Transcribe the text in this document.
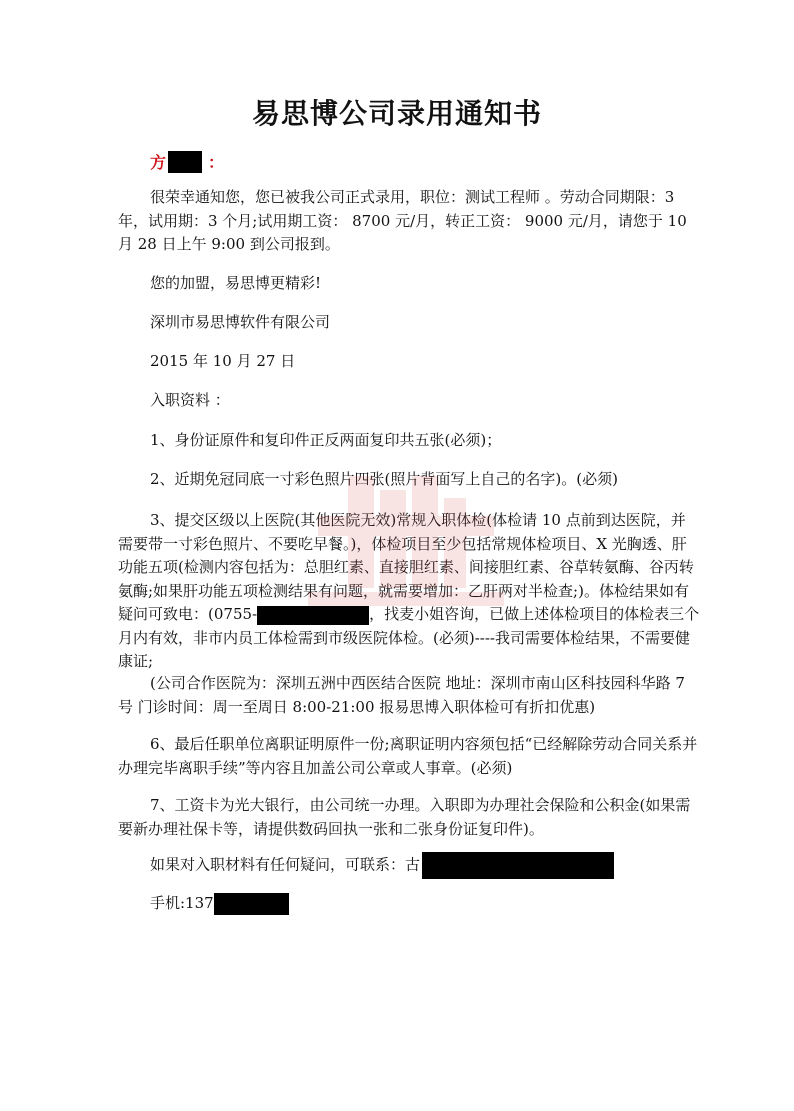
易思博公司录用通知书
方	：
很荣幸通知您，您已被我公司正式录用，职位：测试工程师 。劳动合同期限：3 年，试用期：3 个月;试用期工资： 8700 元/月，转正工资： 9000 元/月，请您于 10 月 28 日上午 9:00 到公司报到。
您的加盟，易思博更精彩!
深圳市易思博软件有限公司
2015 年 10 月 27 日
入职资料 ：
1、身份证原件和复印件正反两面复印共五张(必须)；
2、近期免冠同底一寸彩色照片四张(照片背面写上自己的名字)。(必须)
3、提交区级以上医院(其他医院无效)常规入职体检(体检请 10 点前到达医院，并需要带一寸彩色照片、不要吃早餐。)，体检项目至少包括常规体检项目、X 光胸透、肝功能五项(检测内容包括为：总胆红素、直接胆红素、间接胆红素、谷草转氨酶、谷丙转氨酶;如果肝功能五项检测结果有问题，就需要增加：乙肝两对半检查;)。体检结果如有疑问可致电：(0755-	，找麦小姐咨询，已做上述体检项目的体检表三个月内有效，非市内员工体检需到市级医院体检。(必须)----我司需要体检结果，不需要健康证;
(公司合作医院为：深圳五洲中西医结合医院 地址：深圳市南山区科技园科华路 7 号 门诊时间：周一至周日 8:00-21:00 报易思博入职体检可有折扣优惠)
6、最后任职单位离职证明原件一份;离职证明内容须包括“已经解除劳动合同关系并办理完毕离职手续”等内容且加盖公司公章或人事章。(必须)
7、工资卡为光大银行，由公司统一办理。入职即为办理社会保险和公积金(如果需要新办理社保卡等，请提供数码回执一张和二张身份证复印件)。
如果对入职材料有任何疑问，可联系：古
手机:137
